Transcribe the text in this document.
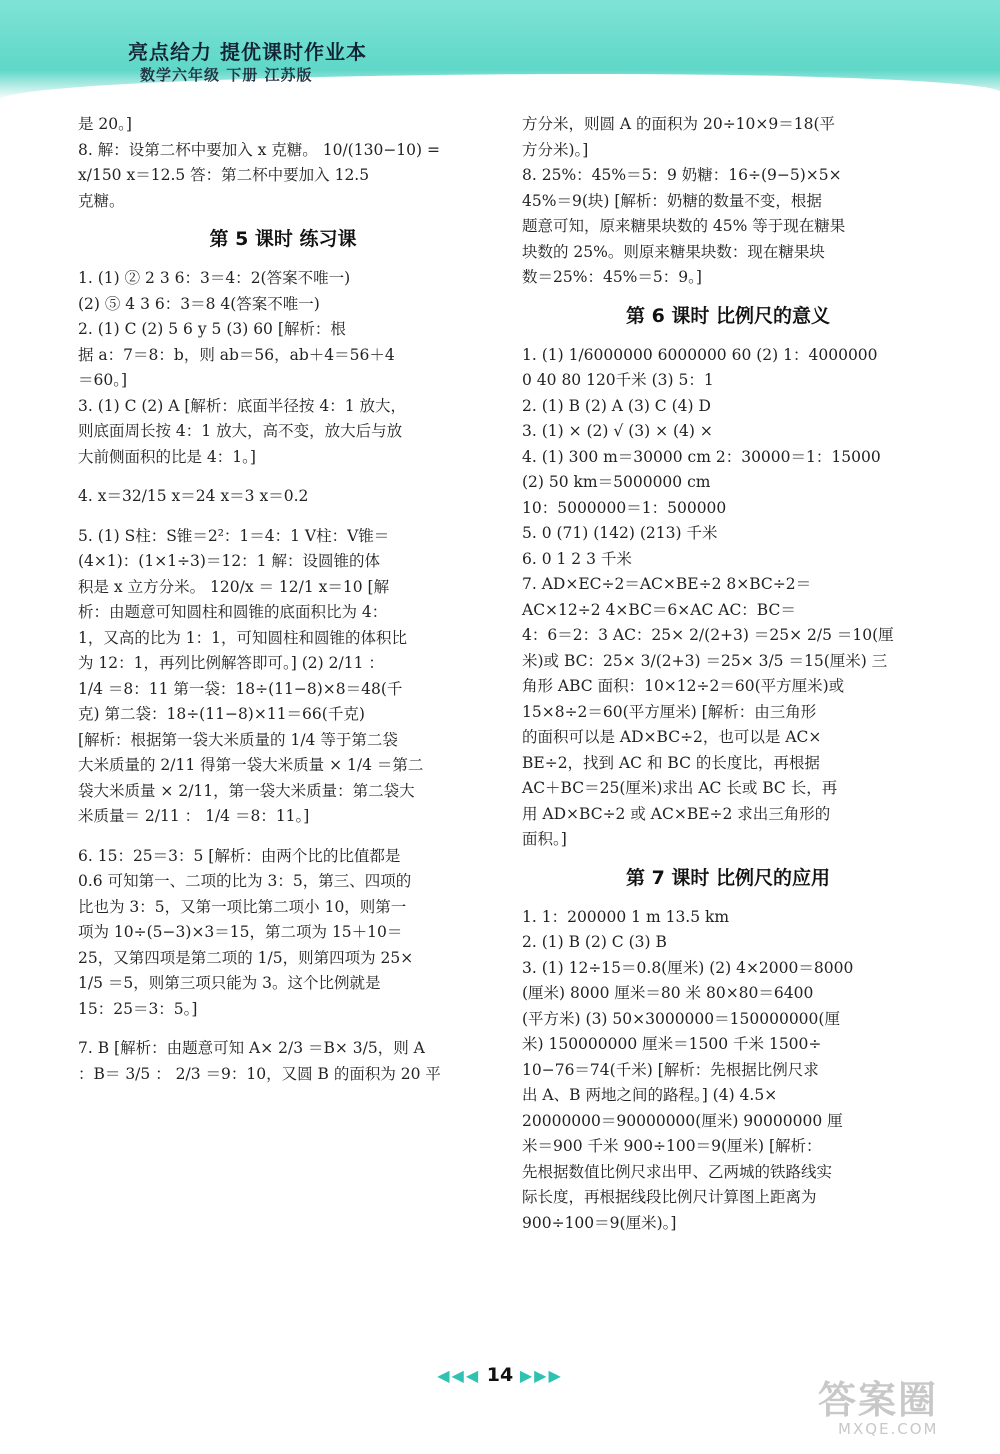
亮点给力 提优课时作业本
数学六年级 下册 江苏版

是 20。]

8. 解：设第二杯中要加入 x 克糖。 10/(130−10) =

x/150 x＝12.5 答：第二杯中要加入 12.5

克糖。

第 5 课时 练习课

1. (1) ② 2 3 6：3＝4：2(答案不唯一)

(2) ⑤ 4 3 6：3＝8 4(答案不唯一)

2. (1) C (2) 5 6 y 5 (3) 60 [解析：根

据 a：7＝8：b，则 ab＝56，ab＋4＝56＋4

＝60。]

3. (1) C (2) A [解析：底面半径按 4：1 放大，

则底面周长按 4：1 放大，高不变，放大后与放

大前侧面积的比是 4：1。]

4. x＝32/15 x＝24 x＝3 x＝0.2

5. (1) S柱：S锥＝2²：1＝4：1 V柱：V锥＝

(4×1)：(1×1÷3)＝12：1 解：设圆锥的体

积是 x 立方分米。 120/x ＝ 12/1 x＝10 [解

析：由题意可知圆柱和圆锥的底面积比为 4：

1，又高的比为 1：1，可知圆柱和圆锥的体积比

为 12：1，再列比例解答即可。] (2) 2/11 ：

1/4 ＝8：11 第一袋：18÷(11−8)×8＝48(千

克) 第二袋：18÷(11−8)×11＝66(千克)

[解析：根据第一袋大米质量的 1/4 等于第二袋

大米质量的 2/11 得第一袋大米质量 × 1/4 ＝第二

袋大米质量 × 2/11，第一袋大米质量：第二袋大

米质量＝ 2/11 ： 1/4 ＝8：11。]

6. 15：25＝3：5 [解析：由两个比的比值都是

0.6 可知第一、二项的比为 3：5，第三、四项的

比也为 3：5，又第一项比第二项小 10，则第一

项为 10÷(5−3)×3＝15，第二项为 15＋10＝

25，又第四项是第二项的 1/5，则第四项为 25×

1/5 ＝5，则第三项只能为 3。这个比例就是

15：25＝3：5。]

7. B [解析：由题意可知 A× 2/3 ＝B× 3/5，则 A

：B＝ 3/5 ： 2/3 ＝9：10，又圆 B 的面积为 20 平

方分米，则圆 A 的面积为 20÷10×9＝18(平

方分米)。]

8. 25%：45%＝5：9 奶糖：16÷(9−5)×5×

45%＝9(块) [解析：奶糖的数量不变，根据

题意可知，原来糖果块数的 45% 等于现在糖果

块数的 25%。则原来糖果块数：现在糖果块

数＝25%：45%＝5：9。]

第 6 课时 比例尺的意义

1. (1) 1/6000000 6000000 60 (2) 1：4000000

0 40 80 120千米 (3) 5：1

2. (1) B (2) A (3) C (4) D

3. (1) × (2) √ (3) × (4) ×

4. (1) 300 m＝30000 cm 2：30000＝1：15000

(2) 50 km＝5000000 cm

10：5000000＝1：500000

5. 0 (71) (142) (213) 千米

6. 0 1 2 3 千米

7. AD×EC÷2＝AC×BE÷2 8×BC÷2＝

AC×12÷2 4×BC＝6×AC AC：BC＝

4：6＝2：3 AC：25× 2/(2+3) ＝25× 2/5 ＝10(厘

米)或 BC：25× 3/(2+3) ＝25× 3/5 ＝15(厘米) 三

角形 ABC 面积：10×12÷2＝60(平方厘米)或

15×8÷2＝60(平方厘米) [解析：由三角形

的面积可以是 AD×BC÷2，也可以是 AC×

BE÷2，找到 AC 和 BC 的长度比，再根据

AC＋BC＝25(厘米)求出 AC 长或 BC 长，再

用 AD×BC÷2 或 AC×BE÷2 求出三角形的

面积。]

第 7 课时 比例尺的应用

1. 1：200000 1 m 13.5 km

2. (1) B (2) C (3) B

3. (1) 12÷15＝0.8(厘米) (2) 4×2000＝8000

(厘米) 8000 厘米＝80 米 80×80＝6400

(平方米) (3) 50×3000000＝150000000(厘

米) 150000000 厘米＝1500 千米 1500÷

10−76＝74(千米) [解析：先根据比例尺求

出 A、B 两地之间的路程。] (4) 4.5×

20000000＝90000000(厘米) 90000000 厘

米＝900 千米 900÷100＝9(厘米) [解析：

先根据数值比例尺求出甲、乙两城的铁路线实

际长度，再根据线段比例尺计算图上距离为

900÷100＝9(厘米)。]

◀◀◀ 14 ▶▶▶
答案圈
MXQE.COM
